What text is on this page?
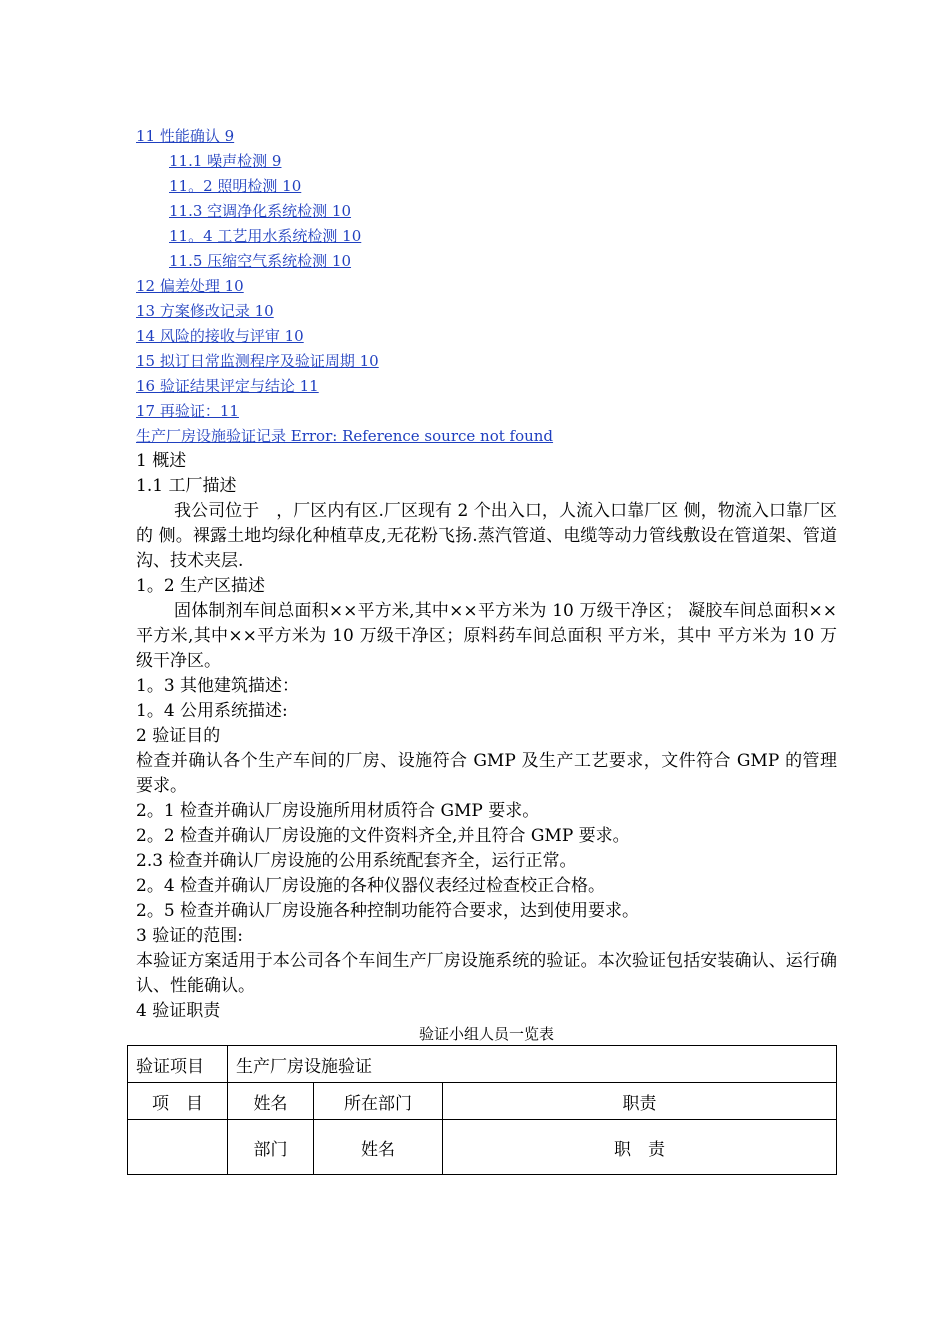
11 性能确认 9
11.1 噪声检测 9
11。2 照明检测 10
11.3 空调净化系统检测 10
11。4 工艺用水系统检测 10
11.5 压缩空气系统检测 10
12 偏差处理 10
13 方案修改记录 10
14 风险的接收与评审 10
15 拟订日常监测程序及验证周期 10
16 验证结果评定与结论 11
17 再验证：11
生产厂房设施验证记录 Error: Reference source not found

1 概述

1.1 工厂描述

我公司位于　，厂区内有区.厂区现有 2 个出入口，人流入口靠厂区 侧，物流入口靠厂区的 侧。裸露土地均绿化种植草皮,无花粉飞扬.蒸汽管道、电缆等动力管线敷设在管道架、管道沟、技术夹层.

1。2 生产区描述

固体制剂车间总面积××平方米,其中××平方米为 10 万级干净区； 凝胶车间总面积××平方米,其中××平方米为 10 万级干净区；原料药车间总面积 平方米，其中 平方米为 10 万级干净区。

1。3 其他建筑描述：

1。4 公用系统描述:

2 验证目的

检查并确认各个生产车间的厂房、设施符合 GMP 及生产工艺要求，文件符合 GMP 的管理要求。

2。1 检查并确认厂房设施所用材质符合 GMP 要求。

2。2 检查并确认厂房设施的文件资料齐全,并且符合 GMP 要求。

2.3 检查并确认厂房设施的公用系统配套齐全，运行正常。

2。4 检查并确认厂房设施的各种仪器仪表经过检查校正合格。

2。5 检查并确认厂房设施各种控制功能符合要求，达到使用要求。

3 验证的范围:

本验证方案适用于本公司各个车间生产厂房设施系统的验证。本次验证包括安装确认、运行确认、性能确认。

4 验证职责

验证小组人员一览表

验证项目	生产厂房设施验证		
项　目	姓名	所在部门	职责
	部门	姓名	职　责
